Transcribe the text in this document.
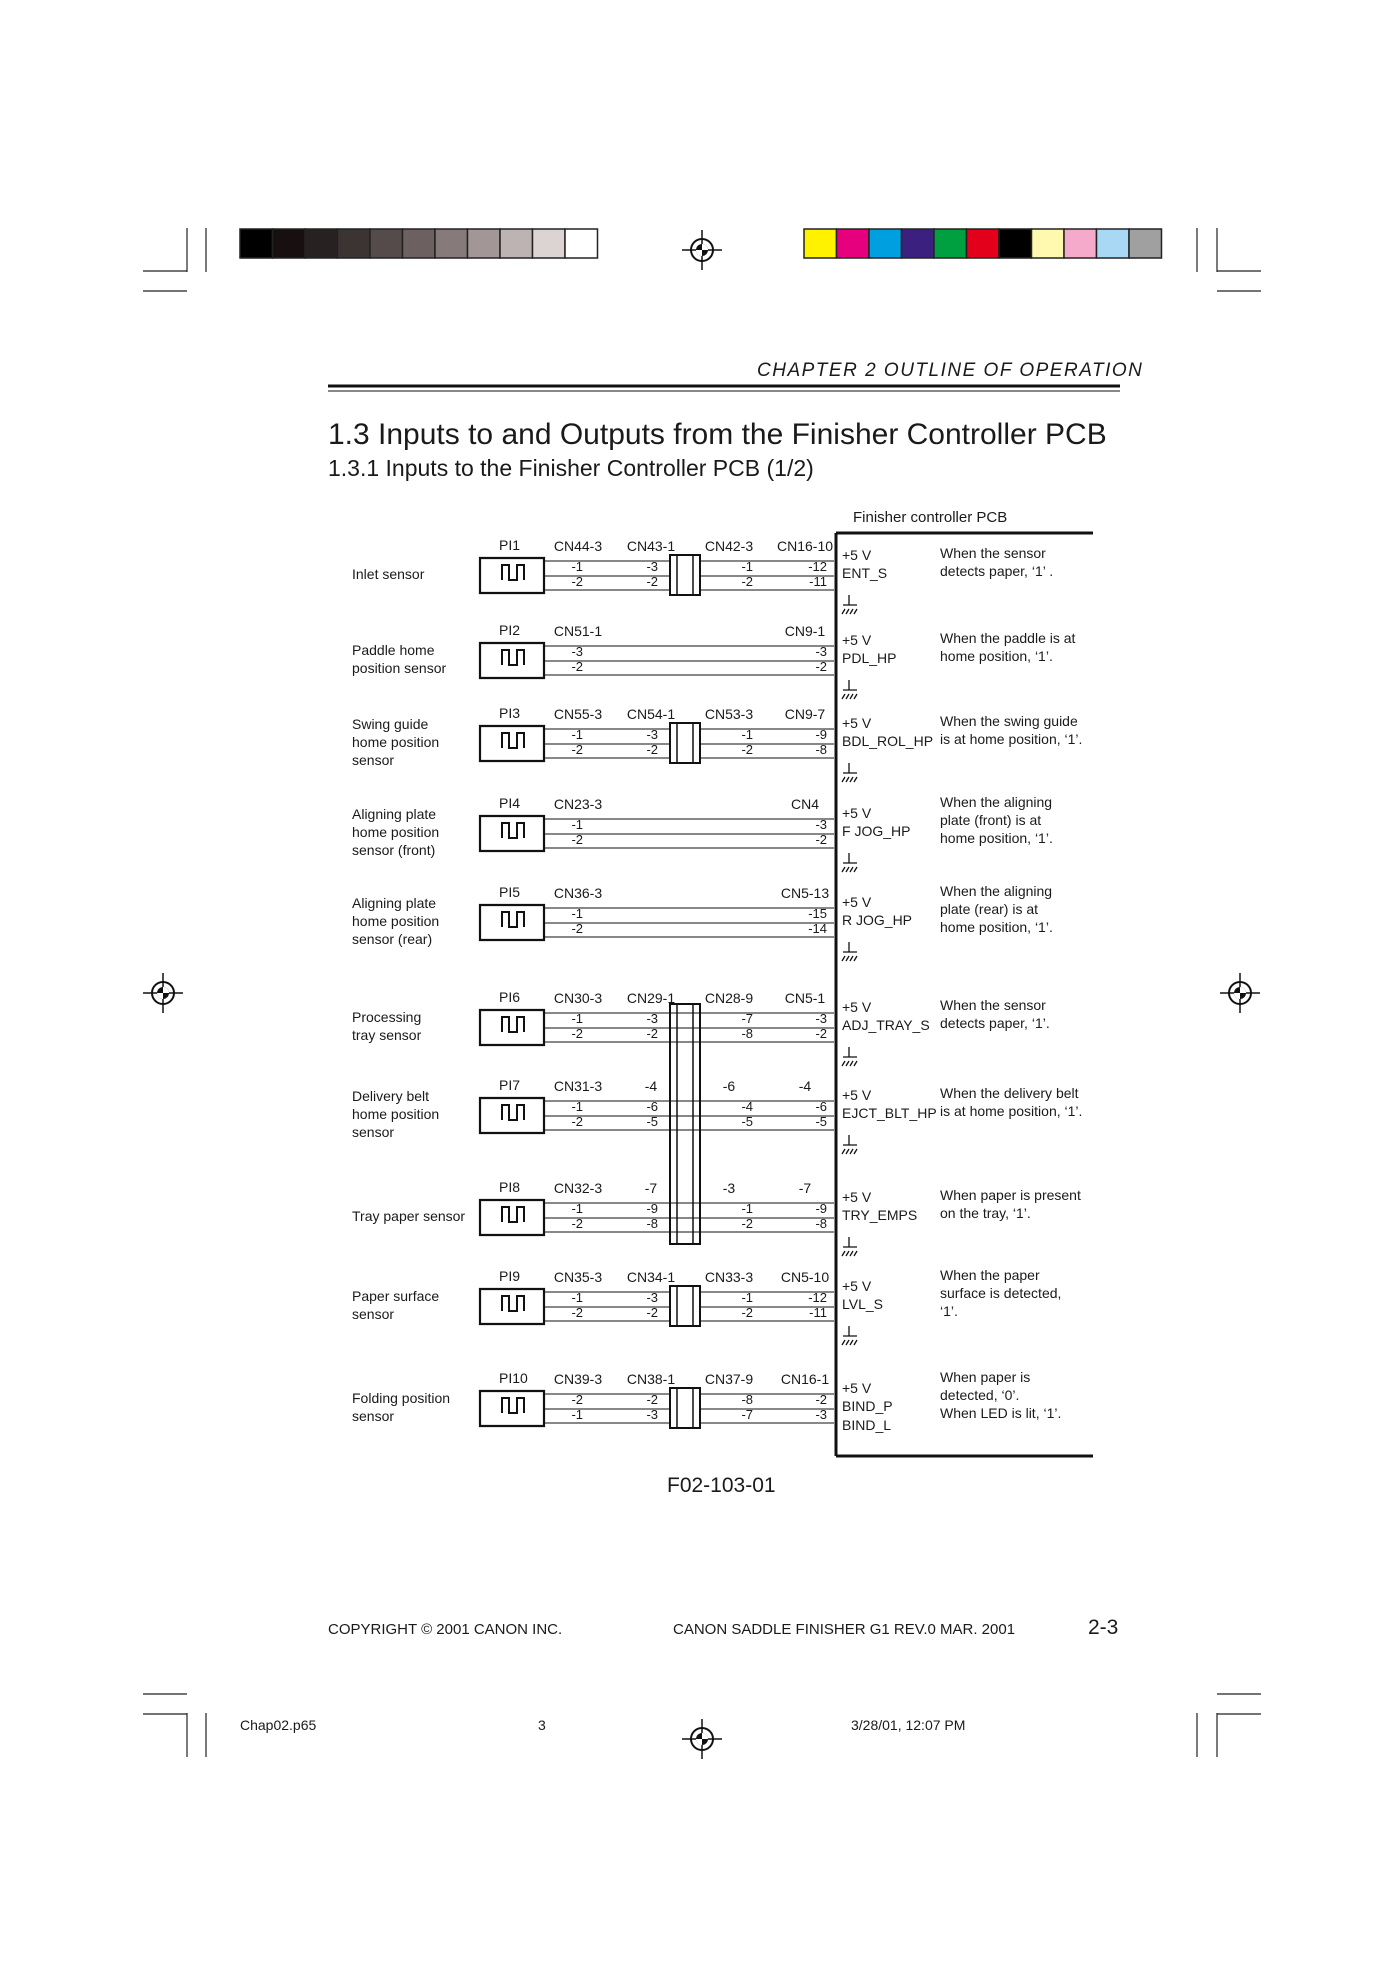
Inlet sensor
PI1 CN44-3 CN43-1 CN42-3 CN16-10
-1	-3	-1	-12
-2	-2	-2	-11
+5 V
ENT_S
When the sensor
detects paper, ‘1’ .
Paddle home
position sensor
PI2 CN51-1	CN9-1
-3	-3
-2	-2
+5 V
PDL_HP
When the paddle is at
home position, ‘1’.
Swing guide
home position
sensor
PI3 CN55-3 CN54-1 CN53-3 CN9-7
-1	-3	-1	-9
-2	-2	-2	-8
+5 V
BDL_ROL_HP
When the swing guide
is at home position, ‘1’.
Aligning plate
home position
sensor (front)
PI4 CN23-3	CN4
-1	-3
-2	-2
+5 V
F JOG_HP
When the aligning
plate (front) is at
home position, ‘1’.
Aligning plate
home position
sensor (rear)
PI5 CN36-3	CN5-13
-1	-15
-2	-14
+5 V
R JOG_HP
When the aligning
plate (rear) is at
home position, ‘1’.
Processing
tray sensor
PI6 CN30-3 CN29-1 CN28-9 CN5-1
-1	-3	-7	-3
-2	-2	-8	-2
+5 V
ADJ_TRAY_S
When the sensor
detects paper, ‘1’.
Delivery belt
home position
sensor
PI7 CN31-3	-4	-6	-4
-1	-6	-4	-6
-2	-5	-5	-5
+5 V
EJCT_BLT_HP
When the delivery belt
is at home position, ‘1’.
Tray paper sensor
PI8 CN32-3	-7	-3	-7
-1	-9	-1	-9
-2	-8	-2	-8
+5 V
TRY_EMPS
When paper is present
on the tray, ‘1’.
Paper surface
sensor
PI9 CN35-3 CN34-1 CN33-3 CN5-10
-1	-3	-1	-12
-2	-2	-2	-11
+5 V
LVL_S
When the paper
surface is detected,
‘1’.
Folding position
sensor
PI10 CN39-3 CN38-1 CN37-9 CN16-1
-2	-2	-8	-2
-1	-3	-7	-3
+5 V
BIND_P
BIND_L
When paper is
detected, ‘0’.
When LED is lit, ‘1’.
CHAPTER 2 OUTLINE OF OPERATION
1.3 Inputs to and Outputs from the Finisher Controller PCB
1.3.1 Inputs to the Finisher Controller PCB (1/2)
Finisher controller PCB
F02-103-01
COPYRIGHT © 2001 CANON INC.	CANON SADDLE FINISHER G1 REV.0 MAR. 2001	2-3
Chap02.p65	3	3/28/01, 12:07 PM
